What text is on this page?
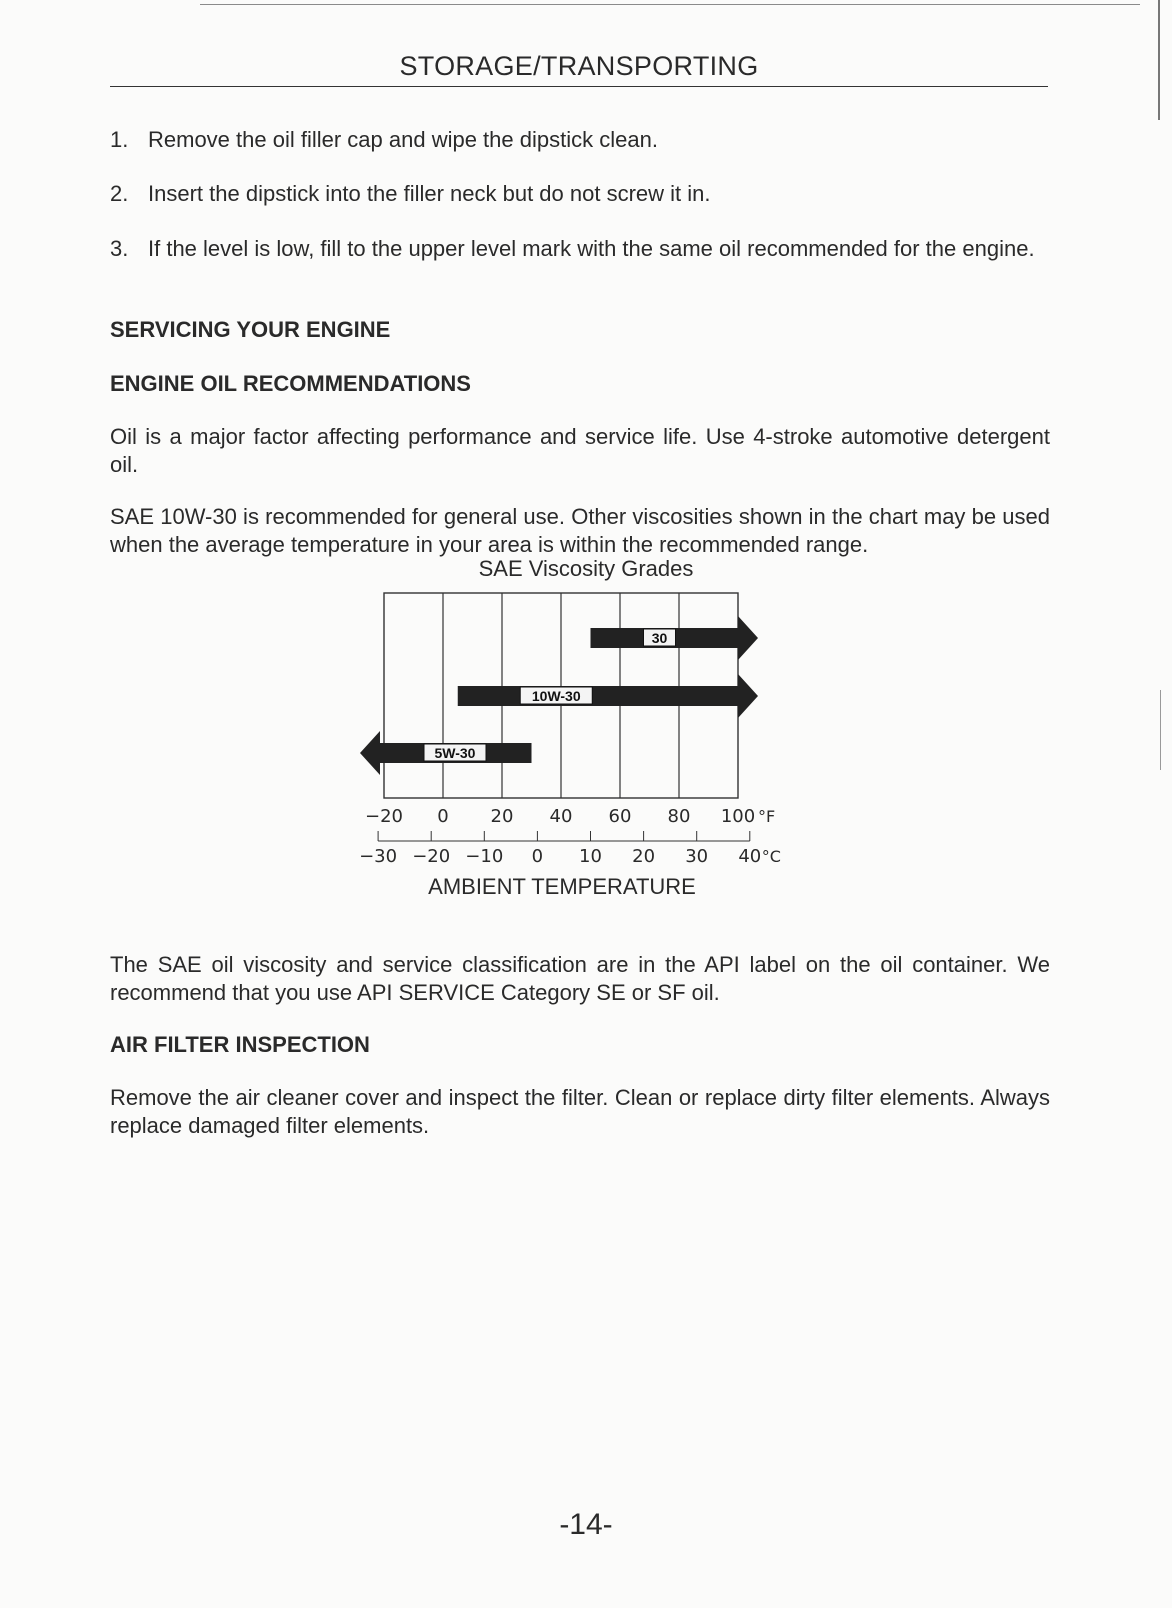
STORAGE/TRANSPORTING
1. Remove the oil filler cap and wipe the dipstick clean.
2. Insert the dipstick into the filler neck but do not screw it in.
3. If the level is low, fill to the upper level mark with the same oil recommended for the engine.
SERVICING YOUR ENGINE
ENGINE OIL RECOMMENDATIONS
Oil is a major factor affecting performance and service life. Use 4-stroke automotive detergent oil.
SAE 10W-30 is recommended for general use. Other viscosities shown in the chart may be used when the average temperature in your area is within the recommended range.
SAE Viscosity Grades
30
10W-30
5W-30
−20 0 20 40 60 80 100 °F
−30 −20 −10 0 10 20 30 40 °C
AMBIENT TEMPERATURE
The SAE oil viscosity and service classification are in the API label on the oil container. We recommend that you use API SERVICE Category SE or SF oil.
AIR FILTER INSPECTION
Remove the air cleaner cover and inspect the filter. Clean or replace dirty filter elements. Always replace damaged filter elements.
-14-
